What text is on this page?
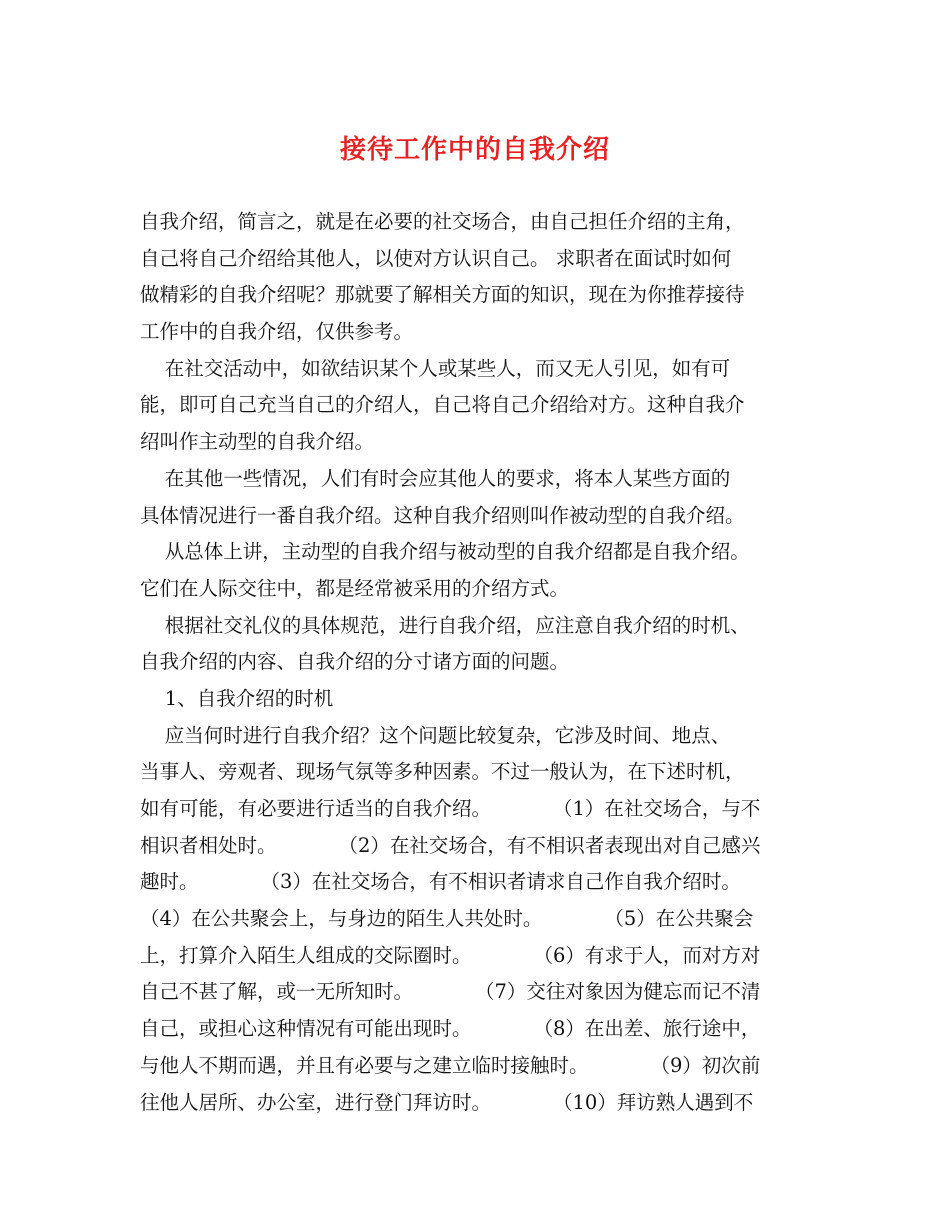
接待工作中的自我介绍
自我介绍，简言之，就是在必要的社交场合，由自己担任介绍的主角，
自己将自己介绍给其他人，以使对方认识自己。 求职者在面试时如何
做精彩的自我介绍呢？那就要了解相关方面的知识，现在为你推荐接待
工作中的自我介绍，仅供参考。
在社交活动中，如欲结识某个人或某些人，而又无人引见，如有可
能，即可自己充当自己的介绍人，自己将自己介绍给对方。这种自我介
绍叫作主动型的自我介绍。
在其他一些情况，人们有时会应其他人的要求，将本人某些方面的
具体情况进行一番自我介绍。这种自我介绍则叫作被动型的自我介绍。
从总体上讲，主动型的自我介绍与被动型的自我介绍都是自我介绍。
它们在人际交往中，都是经常被采用的介绍方式。
根据社交礼仪的具体规范，进行自我介绍，应注意自我介绍的时机、
自我介绍的内容、自我介绍的分寸诸方面的问题。
1、自我介绍的时机
应当何时进行自我介绍？这个问题比较复杂，它涉及时间、地点、
当事人、旁观者、现场气氛等多种因素。不过一般认为，在下述时机，
如有可能，有必要进行适当的自我介绍。          （1）在社交场合，与不
相识者相处时。          （2）在社交场合，有不相识者表现出对自己感兴
趣时。          （3）在社交场合，有不相识者请求自己作自我介绍时。
（4）在公共聚会上，与身边的陌生人共处时。          （5）在公共聚会
上，打算介入陌生人组成的交际圈时。          （6）有求于人，而对方对
自己不甚了解，或一无所知时。          （7）交往对象因为健忘而记不清
自己，或担心这种情况有可能出现时。          （8）在出差、旅行途中，
与他人不期而遇，并且有必要与之建立临时接触时。          （9）初次前
往他人居所、办公室，进行登门拜访时。          （10）拜访熟人遇到不
